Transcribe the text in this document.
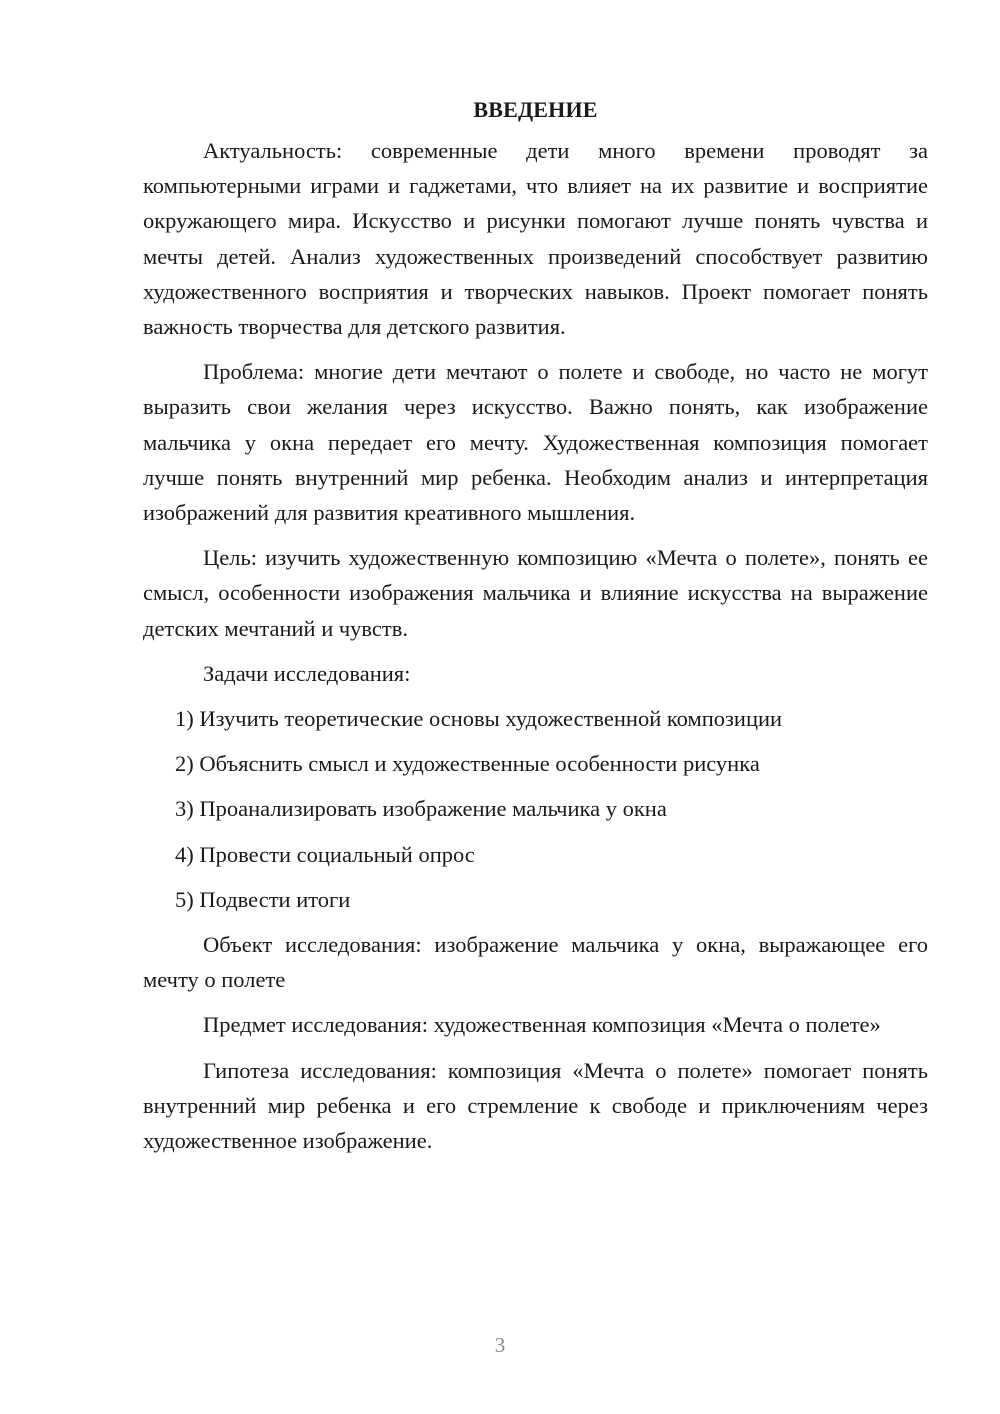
ВВЕДЕНИЕ

Актуальность: современные дети много времени проводят за компьютерными играми и гаджетами, что влияет на их развитие и восприятие окружающего мира. Искусство и рисунки помогают лучше понять чувства и мечты детей. Анализ художественных произведений способствует развитию художественного восприятия и творческих навыков. Проект помогает понять важность творчества для детского развития.

Проблема: многие дети мечтают о полете и свободе, но часто не могут выразить свои желания через искусство. Важно понять, как изображение мальчика у окна передает его мечту. Художественная композиция помогает лучше понять внутренний мир ребенка. Необходим анализ и интерпретация изображений для развития креативного мышления.

Цель: изучить художественную композицию «Мечта о полете», понять ее смысл, особенности изображения мальчика и влияние искусства на выражение детских мечтаний и чувств.

Задачи исследования:

1) Изучить теоретические основы художественной композиции
2) Объяснить смысл и художественные особенности рисунка
3) Проанализировать изображение мальчика у окна
4) Провести социальный опрос
5) Подвести итоги

Объект исследования: изображение мальчика у окна, выражающее его мечту о полете

Предмет исследования: художественная композиция «Мечта о полете»

Гипотеза исследования: композиция «Мечта о полете» помогает понять внутренний мир ребенка и его стремление к свободе и приключениям через художественное изображение.

3
